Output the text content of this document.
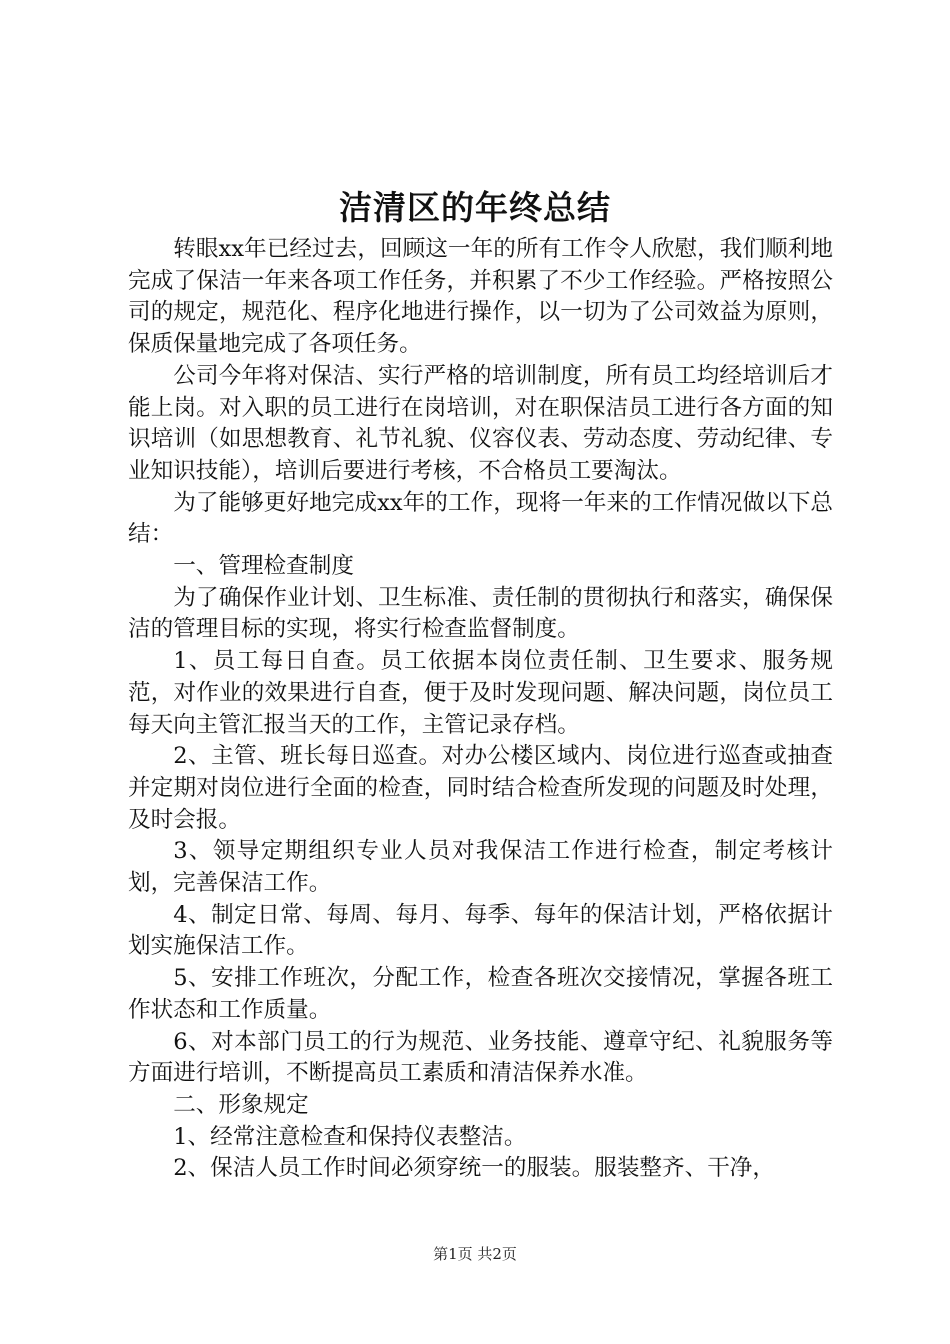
洁清区的年终总结

转眼xx年已经过去，回顾这一年的所有工作令人欣慰，我们顺利地完成了保洁一年来各项工作任务，并积累了不少工作经验。严格按照公司的规定，规范化、程序化地进行操作，以一切为了公司效益为原则，保质保量地完成了各项任务。

公司今年将对保洁、实行严格的培训制度，所有员工均经培训后才能上岗。对入职的员工进行在岗培训，对在职保洁员工进行各方面的知识培训（如思想教育、礼节礼貌、仪容仪表、劳动态度、劳动纪律、专业知识技能），培训后要进行考核，不合格员工要淘汰。

为了能够更好地完成xx年的工作，现将一年来的工作情况做以下总结：

一、管理检查制度

为了确保作业计划、卫生标准、责任制的贯彻执行和落实，确保保洁的管理目标的实现，将实行检查监督制度。

1、员工每日自查。员工依据本岗位责任制、卫生要求、服务规范，对作业的效果进行自查，便于及时发现问题、解决问题，岗位员工每天向主管汇报当天的工作，主管记录存档。

2、主管、班长每日巡查。对办公楼区域内、岗位进行巡查或抽查并定期对岗位进行全面的检查，同时结合检查所发现的问题及时处理，及时会报。

3、领导定期组织专业人员对我保洁工作进行检查，制定考核计划，完善保洁工作。

4、制定日常、每周、每月、每季、每年的保洁计划，严格依据计划实施保洁工作。

5、安排工作班次，分配工作，检查各班次交接情况，掌握各班工作状态和工作质量。

6、对本部门员工的行为规范、业务技能、遵章守纪、礼貌服务等方面进行培训，不断提高员工素质和清洁保养水准。

二、形象规定

1、经常注意检查和保持仪表整洁。

2、保洁人员工作时间必须穿统一的服装。服装整齐、干净，

第1页 共2页
